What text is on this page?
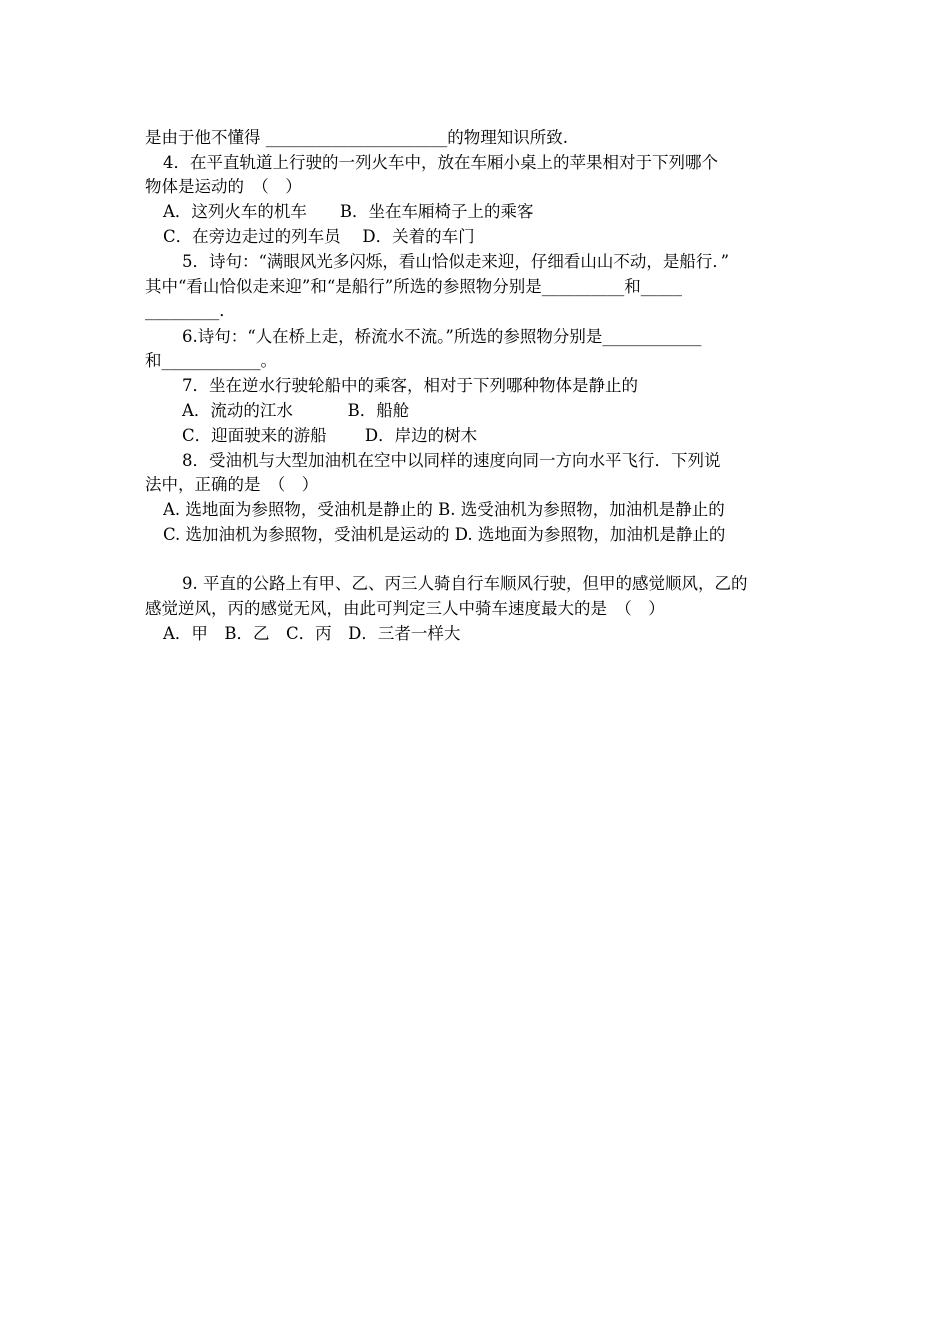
是由于他不懂得 ______________________的物理知识所致.
4．在平直轨道上行驶的一列火车中，放在车厢小桌上的苹果相对于下列哪个
物体是运动的　（　）
A．这列火车的机车　　B．坐在车厢椅子上的乘客
C．在旁边走过的列车员　 D．关着的车门
5．诗句：“满眼风光多闪烁，看山恰似走来迎，仔细看山山不动，是船行．”
其中“看山恰似走来迎”和“是船行”所选的参照物分别是__________和_____
_________．
6.诗句：“人在桥上走，桥流水不流。”所选的参照物分别是____________
和____________。
7．坐在逆水行驶轮船中的乘客，相对于下列哪种物体是静止的
A．流动的江水　　　 B．船舱
C．迎面驶来的游船　　 D．岸边的树木
8．受油机与大型加油机在空中以同样的速度向同一方向水平飞行．下列说
法中，正确的是　（　）
A. 选地面为参照物，受油机是静止的 B. 选受油机为参照物，加油机是静止的
C. 选加油机为参照物，受油机是运动的 D. 选地面为参照物，加油机是静止的
9. 平直的公路上有甲、乙、丙三人骑自行车顺风行驶，但甲的感觉顺风，乙的
感觉逆风，丙的感觉无风，由此可判定三人中骑车速度最大的是　（　）
A．甲　B．乙　C．丙　D．三者一样大
